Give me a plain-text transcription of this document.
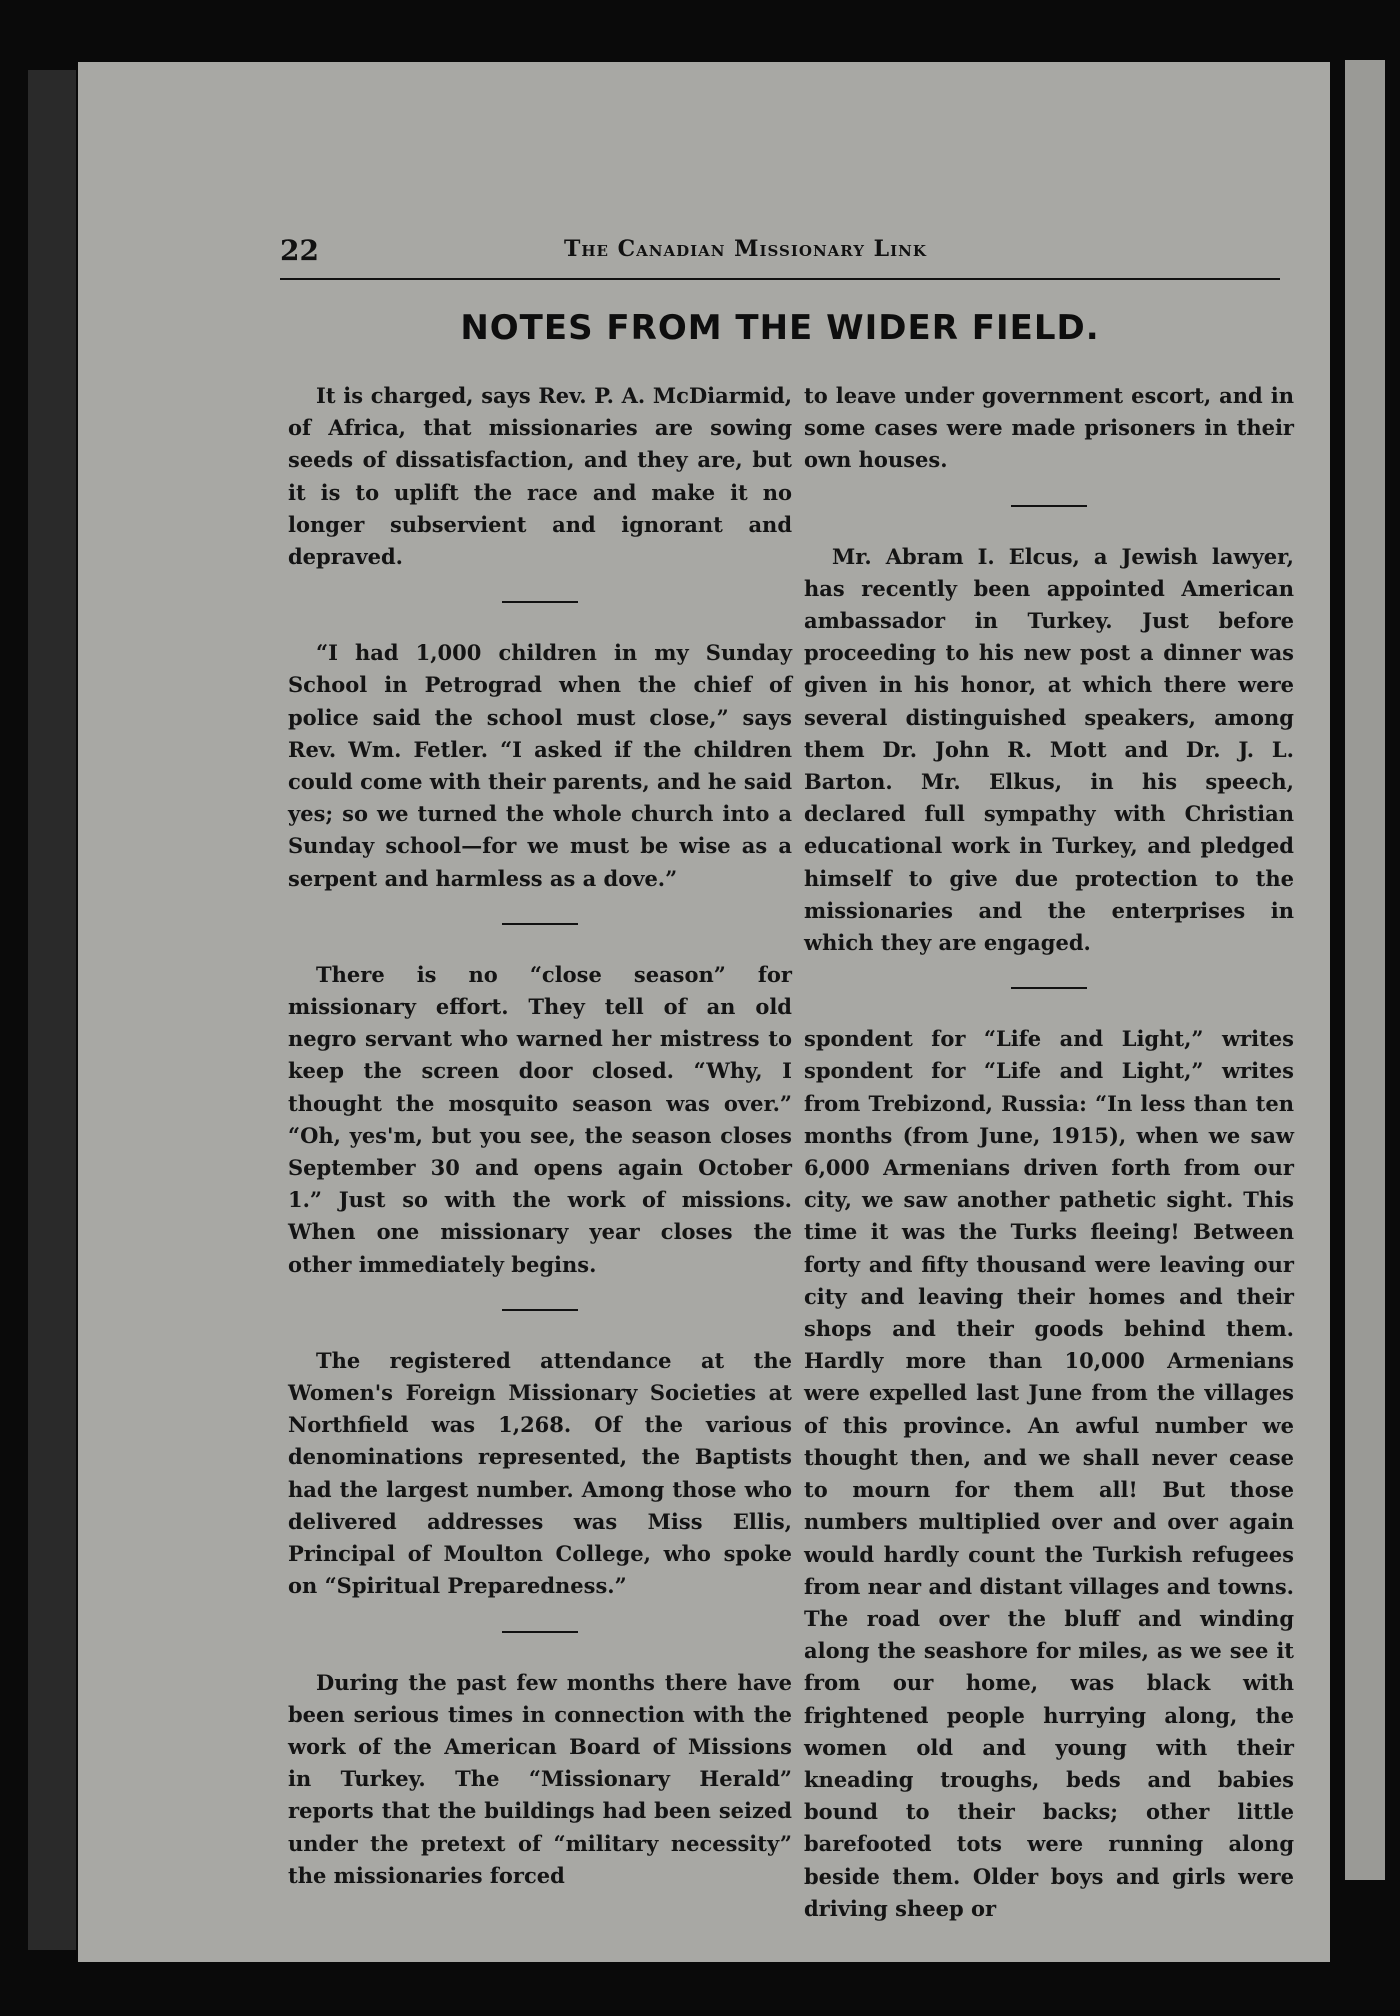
22	The Canadian Missionary Link
NOTES FROM THE WIDER FIELD.

It is charged, says Rev. P. A. McDiarmid, of Africa, that missionaries are sowing seeds of dissatisfaction, and they are, but it is to uplift the race and make it no longer subservient and ignorant and depraved.

“I had 1,000 children in my Sunday School in Petrograd when the chief of police said the school must close,” says Rev. Wm. Fetler. “I asked if the children could come with their parents, and he said yes; so we turned the whole church into a Sunday school—for we must be wise as a serpent and harmless as a dove.”

There is no “close season” for missionary effort. They tell of an old negro servant who warned her mistress to keep the screen door closed. “Why, I thought the mosquito season was over.” “Oh, yes'm, but you see, the season closes September 30 and opens again October 1.” Just so with the work of missions. When one missionary year closes the other immediately begins.

The registered attendance at the Women's Foreign Missionary Societies at Northfield was 1,268. Of the various denominations represented, the Baptists had the largest number. Among those who delivered addresses was Miss Ellis, Principal of Moulton College, who spoke on “Spiritual Preparedness.”

During the past few months there have been serious times in connection with the work of the American Board of Missions in Turkey. The “Missionary Herald” reports that the buildings had been seized under the pretext of “military necessity” the missionaries forced

to leave under government escort, and in some cases were made prisoners in their own houses.

Mr. Abram I. Elcus, a Jewish lawyer, has recently been appointed American ambassador in Turkey. Just before proceeding to his new post a dinner was given in his honor, at which there were several distinguished speakers, among them Dr. John R. Mott and Dr. J. L. Barton. Mr. Elkus, in his speech, declared full sympathy with Christian educational work in Turkey, and pledged himself to give due protection to the missionaries and the enterprises in which they are engaged.

spondent for “Life and Light,” writes spondent for “Life and Light,” writes from Trebizond, Russia: “In less than ten months (from June, 1915), when we saw 6,000 Armenians driven forth from our city, we saw another pathetic sight. This time it was the Turks fleeing! Between forty and fifty thousand were leaving our city and leaving their homes and their shops and their goods behind them. Hardly more than 10,000 Armenians were expelled last June from the villages of this province. An awful number we thought then, and we shall never cease to mourn for them all! But those numbers multiplied over and over again would hardly count the Turkish refugees from near and distant villages and towns. The road over the bluff and winding along the seashore for miles, as we see it from our home, was black with frightened people hurrying along, the women old and young with their kneading troughs, beds and babies bound to their backs; other little barefooted tots were running along beside them. Older boys and girls were driving sheep or
